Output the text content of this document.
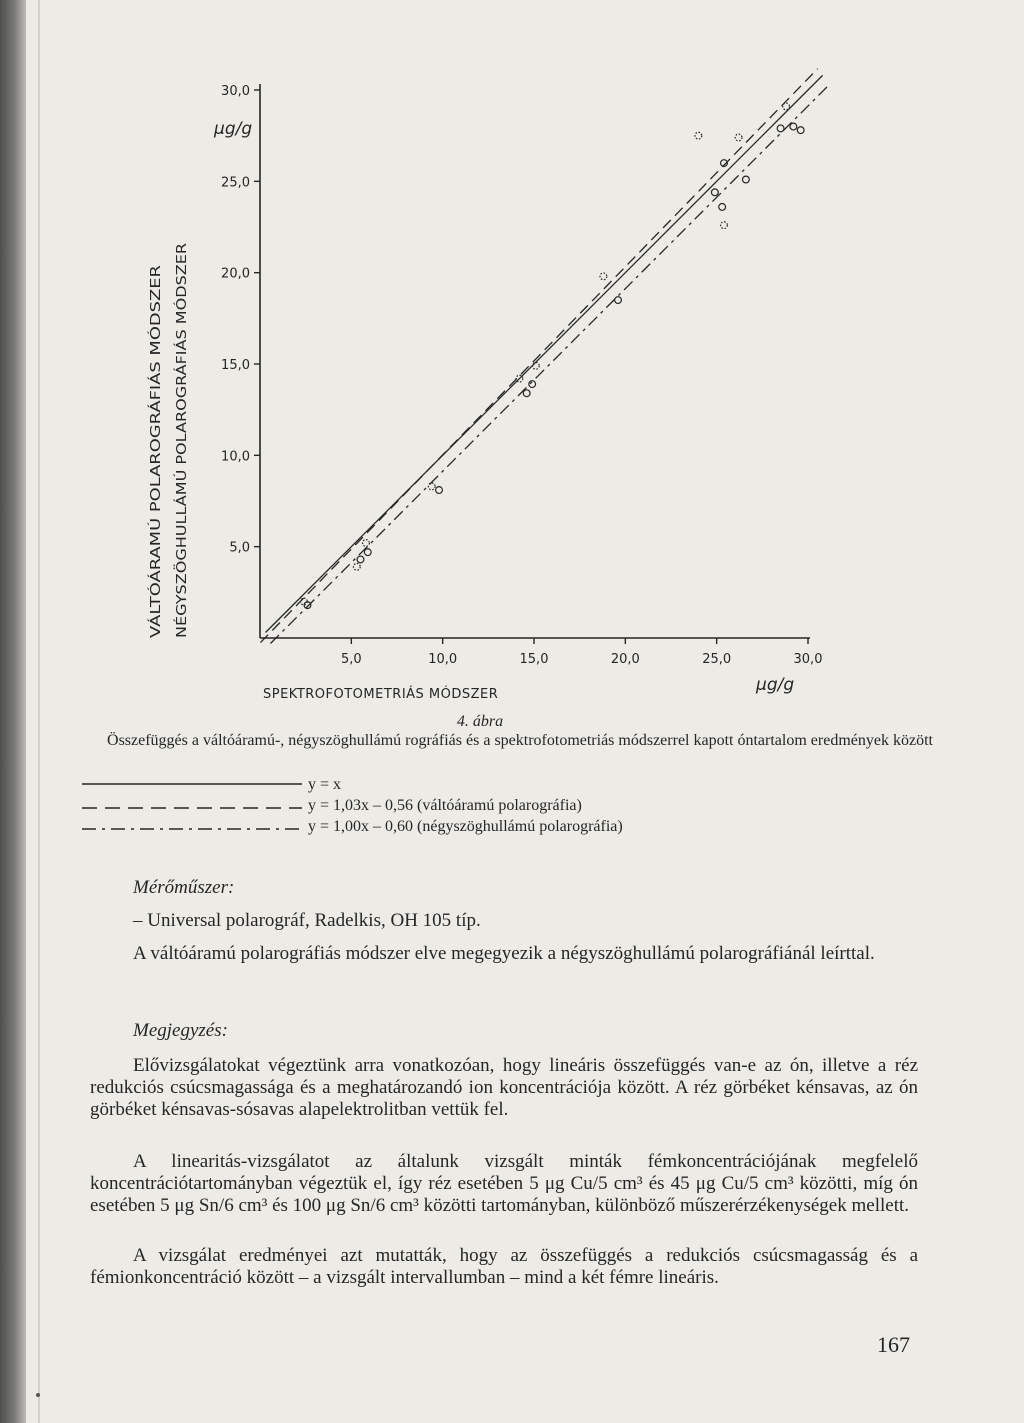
5,0
10,0
15,0
20,0
25,0
30,0
5,0	10,0	15,0	20,0	25,0	30,0
μg/g
μg/g
SPEKTROFOTOMETRIÁS MÓDSZER
VÁLTÓÁRAMÚ POLAROGRÁFIÁS MÓDSZER NÉGYSZÖGHULLÁMÚ POLAROGRÁFIÁS MÓDSZER
4. ábra
Összefüggés a váltóáramú-, négyszöghullámú rográfiás és a spektrofotometriás módszerrel kapott óntartalom eredmények között
y = x
y = 1,03x – 0,56 (váltóáramú polarográfia)
y = 1,00x – 0,60 (négyszöghullámú polarográfia)
Mérőműszer:
– Universal polarográf, Radelkis, OH 105 típ.

A váltóáramú polarográfiás módszer elve megegyezik a négyszöghullámú polarográfiánál leírttal.

Megjegyzés:

Elővizsgálatokat végeztünk arra vonatkozóan, hogy lineáris összefüggés van-e az ón, illetve a réz redukciós csúcsmagassága és a meghatározandó ion koncentrációja között. A réz görbéket kénsavas, az ón görbéket kénsavas-sósavas alapelektrolitban vettük fel.

A linearitás-vizsgálatot az általunk vizsgált minták fémkoncentrációjának megfelelő koncentrációtartományban végeztük el, így réz esetében 5 μg Cu/5 cm³ és 45 μg Cu/5 cm³ közötti, míg ón esetében 5 μg Sn/6 cm³ és 100 μg Sn/6 cm³ közötti tartományban, különböző műszerérzékenységek mellett.

A vizsgálat eredményei azt mutatták, hogy az összefüggés a redukciós csúcsmagasság és a fémionkoncentráció között – a vizsgált intervallumban – mind a két fémre lineáris.

167
